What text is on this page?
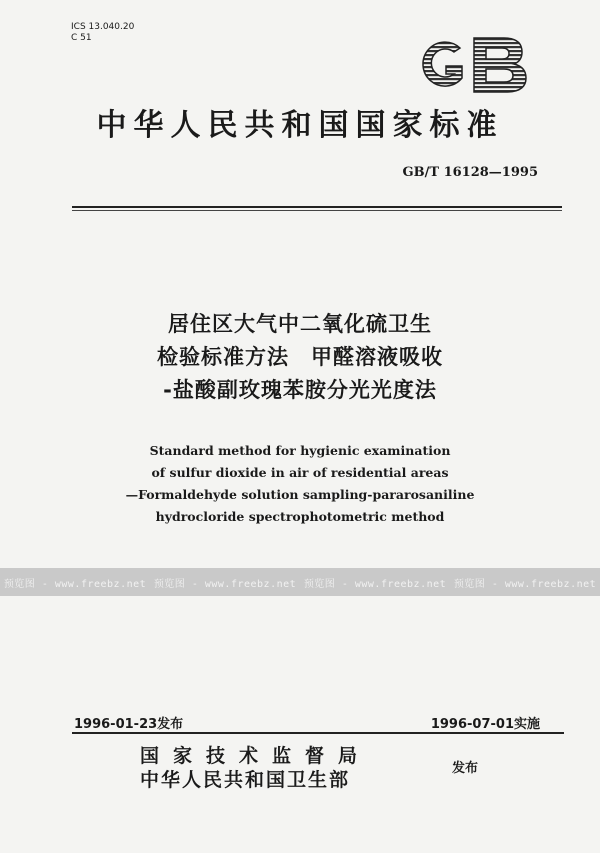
ICS 13.040.20
C 51
中华人民共和国国家标准
GB/T 16128—1995
居住区大气中二氧化硫卫生
检验标准方法　甲醛溶液吸收
-盐酸副玫瑰苯胺分光光度法
Standard method for hygienic examination
of sulfur dioxide in air of residential areas
—Formaldehyde solution sampling-pararosaniline
hydrocloride spectrophotometric method
预览图 - www.freebz.net 预览图 - www.freebz.net 预览图 - www.freebz.net 预览图 - www.freebz.net
1996-01-23发布	1996-07-01实施
国家技术监督局
中华人民共和国卫生部
发布
